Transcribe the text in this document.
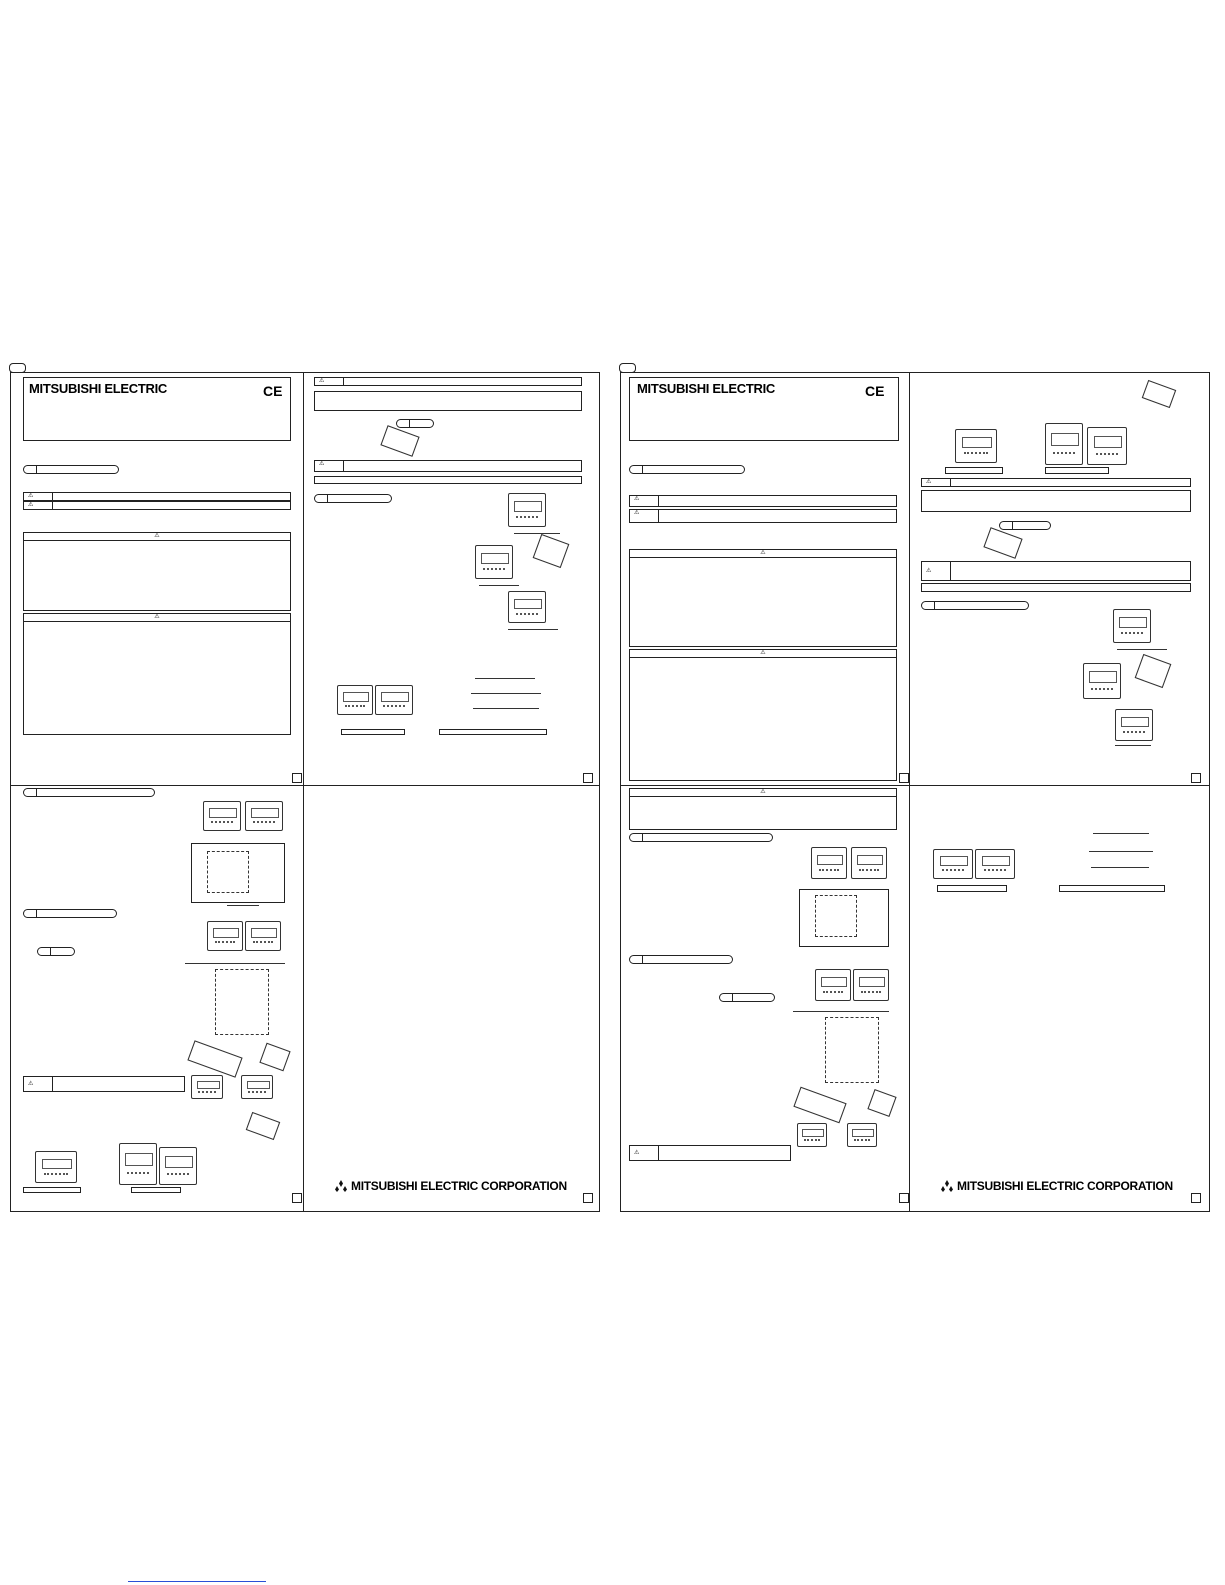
MITSUBISHI ELECTRIC	CE
⚠
⚠
⚠
⚠
⚠
⚠
⚠
MITSUBISHI ELECTRIC CORPORATION
MITSUBISHI ELECTRIC	CE
⚠
⚠
⚠
⚠
⚠
⚠
⚠
⚠
MITSUBISHI ELECTRIC CORPORATION
